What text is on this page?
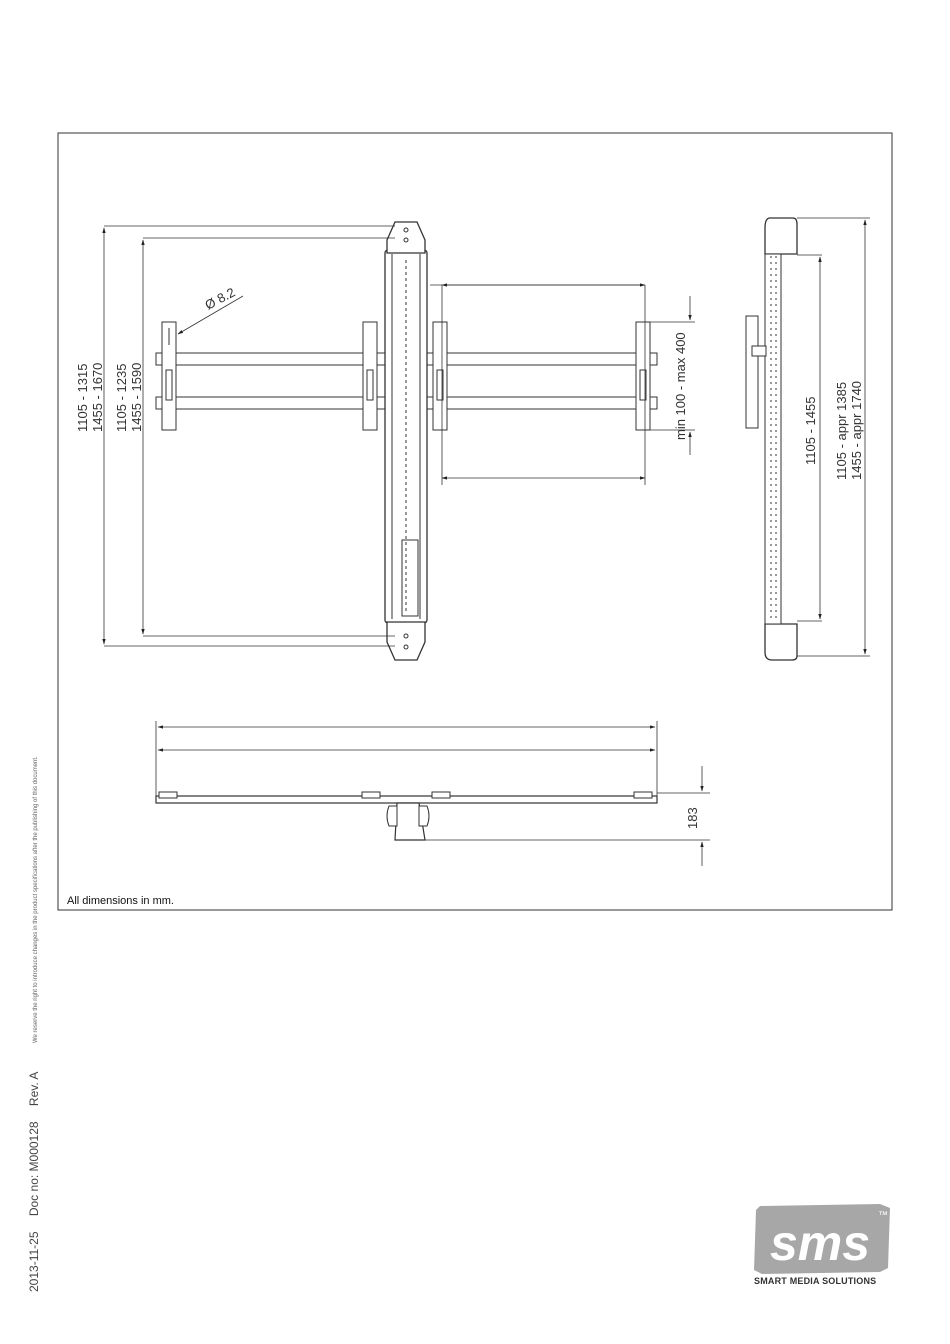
1105 - 1315 1455 - 1670 1105 - 1235 1455 - 1590
Ø 8.2
min 100 - max 400	1105 - 1455 1105 - appr 1385 1455 - appr 1740
183
All dimensions in mm.
2013-11-25 Doc no: M000128 Rev. A
We reserve the right to introduce changes in the product specifications after the publishing of this document.
sms ™
SMART MEDIA SOLUTIONS
